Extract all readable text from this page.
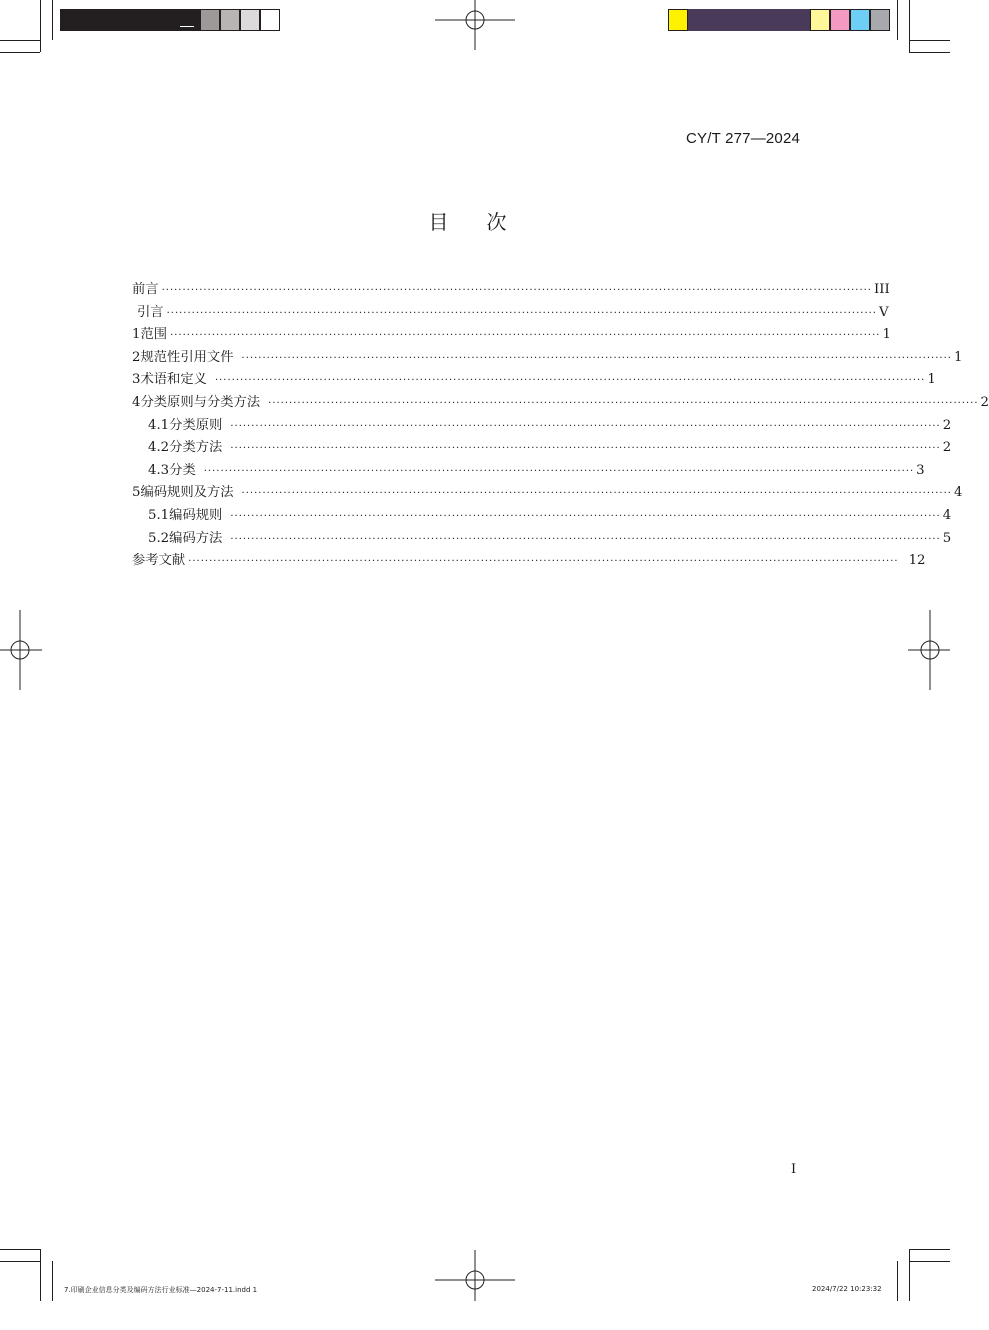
CY/T 277—2024
目次
前言 ·········································································································································································· III
引言 ·········································································································································································· V
1 范围 ·········································································································································································· 1
2 规范性引用文件 ·········································································································································································· 1
3 术语和定义 ·········································································································································································· 1
4 分类原则与分类方法 ·········································································································································································· 2
4.1 分类原则 ·········································································································································································· 2
4.2 分类方法 ·········································································································································································· 2
4.3 分类 ·········································································································································································· 3
5 编码规则及方法 ·········································································································································································· 4
5.1 编码规则 ·········································································································································································· 4
5.2 编码方法 ·········································································································································································· 5
参考文献 ·········································································································································································· 12
I
7.印刷企业信息分类及编码方法行业标准—2024-7-11.indd 1	2024/7/22 10:23:32
